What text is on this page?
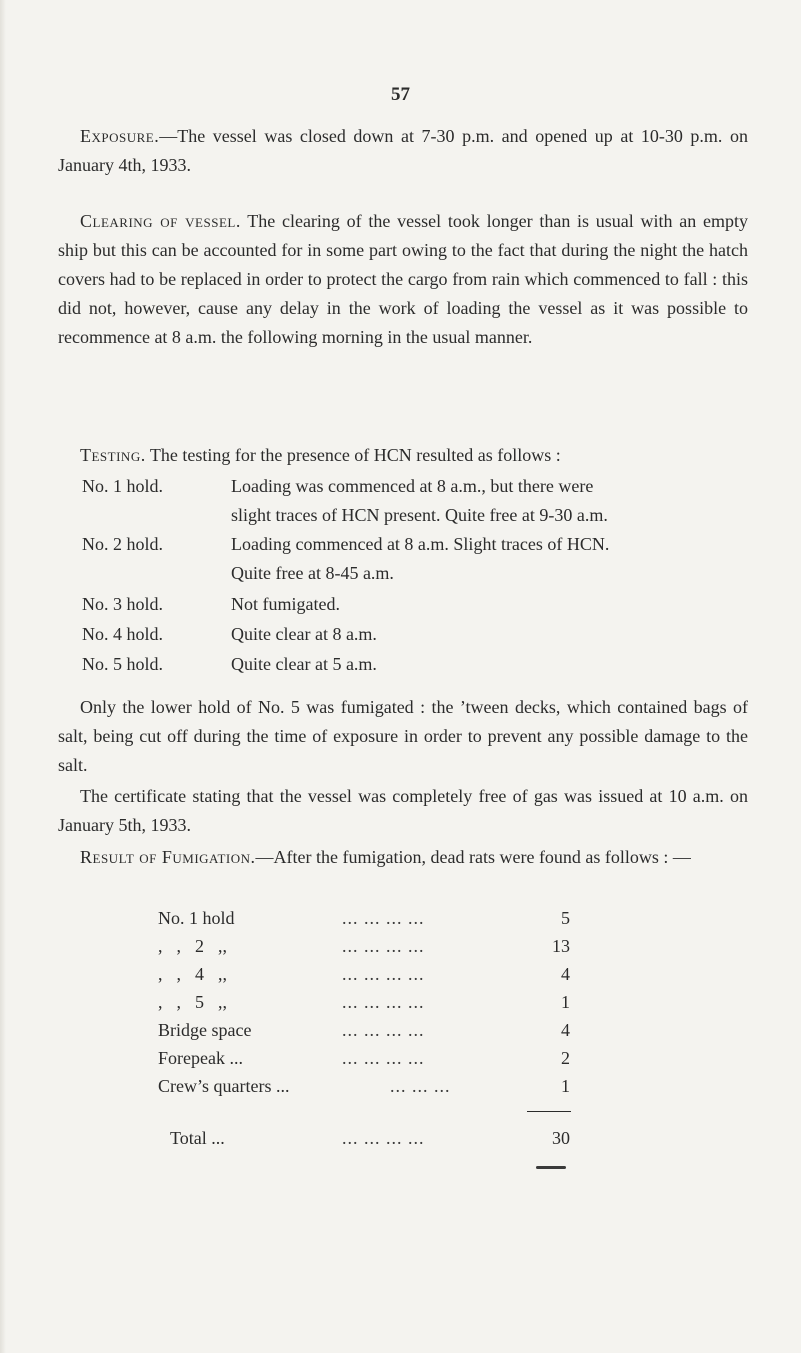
57

Exposure.—The vessel was closed down at 7-30 p.m. and opened up at 10-30 p.m. on January 4th, 1933.

Clearing of vessel. The clearing of the vessel took longer than is usual with an empty ship but this can be accounted for in some part owing to the fact that during the night the hatch covers had to be replaced in order to protect the cargo from rain which commenced to fall : this did not, however, cause any delay in the work of loading the vessel as it was possible to recommence at 8 a.m. the following morning in the usual manner.

Testing. The testing for the presence of HCN resulted as follows :

No. 1 hold.	Loading was commenced at 8 a.m., but there were
slight traces of HCN present. Quite free at 9-30 a.m.
No. 2 hold.	Loading commenced at 8 a.m. Slight traces of HCN.
Quite free at 8-45 a.m.
No. 3 hold.	Not fumigated.
No. 4 hold.	Quite clear at 8 a.m.
No. 5 hold.	Quite clear at 5 a.m.

Only the lower hold of No. 5 was fumigated : the ’tween decks, which contained bags of salt, being cut off during the time of exposure in order to prevent any possible damage to the salt.

The certificate stating that the vessel was completely free of gas was issued at 10 a.m. on January 5th, 1933.

Result of Fumigation.—After the fumigation, dead rats were found as follows : —

No. 1 hold	... ... ... ...	5
,,2,,	... ... ... ...	13
,,4,,	... ... ... ...	4
,,5,,	... ... ... ...	1
Bridge space	... ... ... ...	4
Forepeak ...	... ... ... ...	2
Crew’s quarters ...	... ... ...	1
Total ...	... ... ... ...	30
